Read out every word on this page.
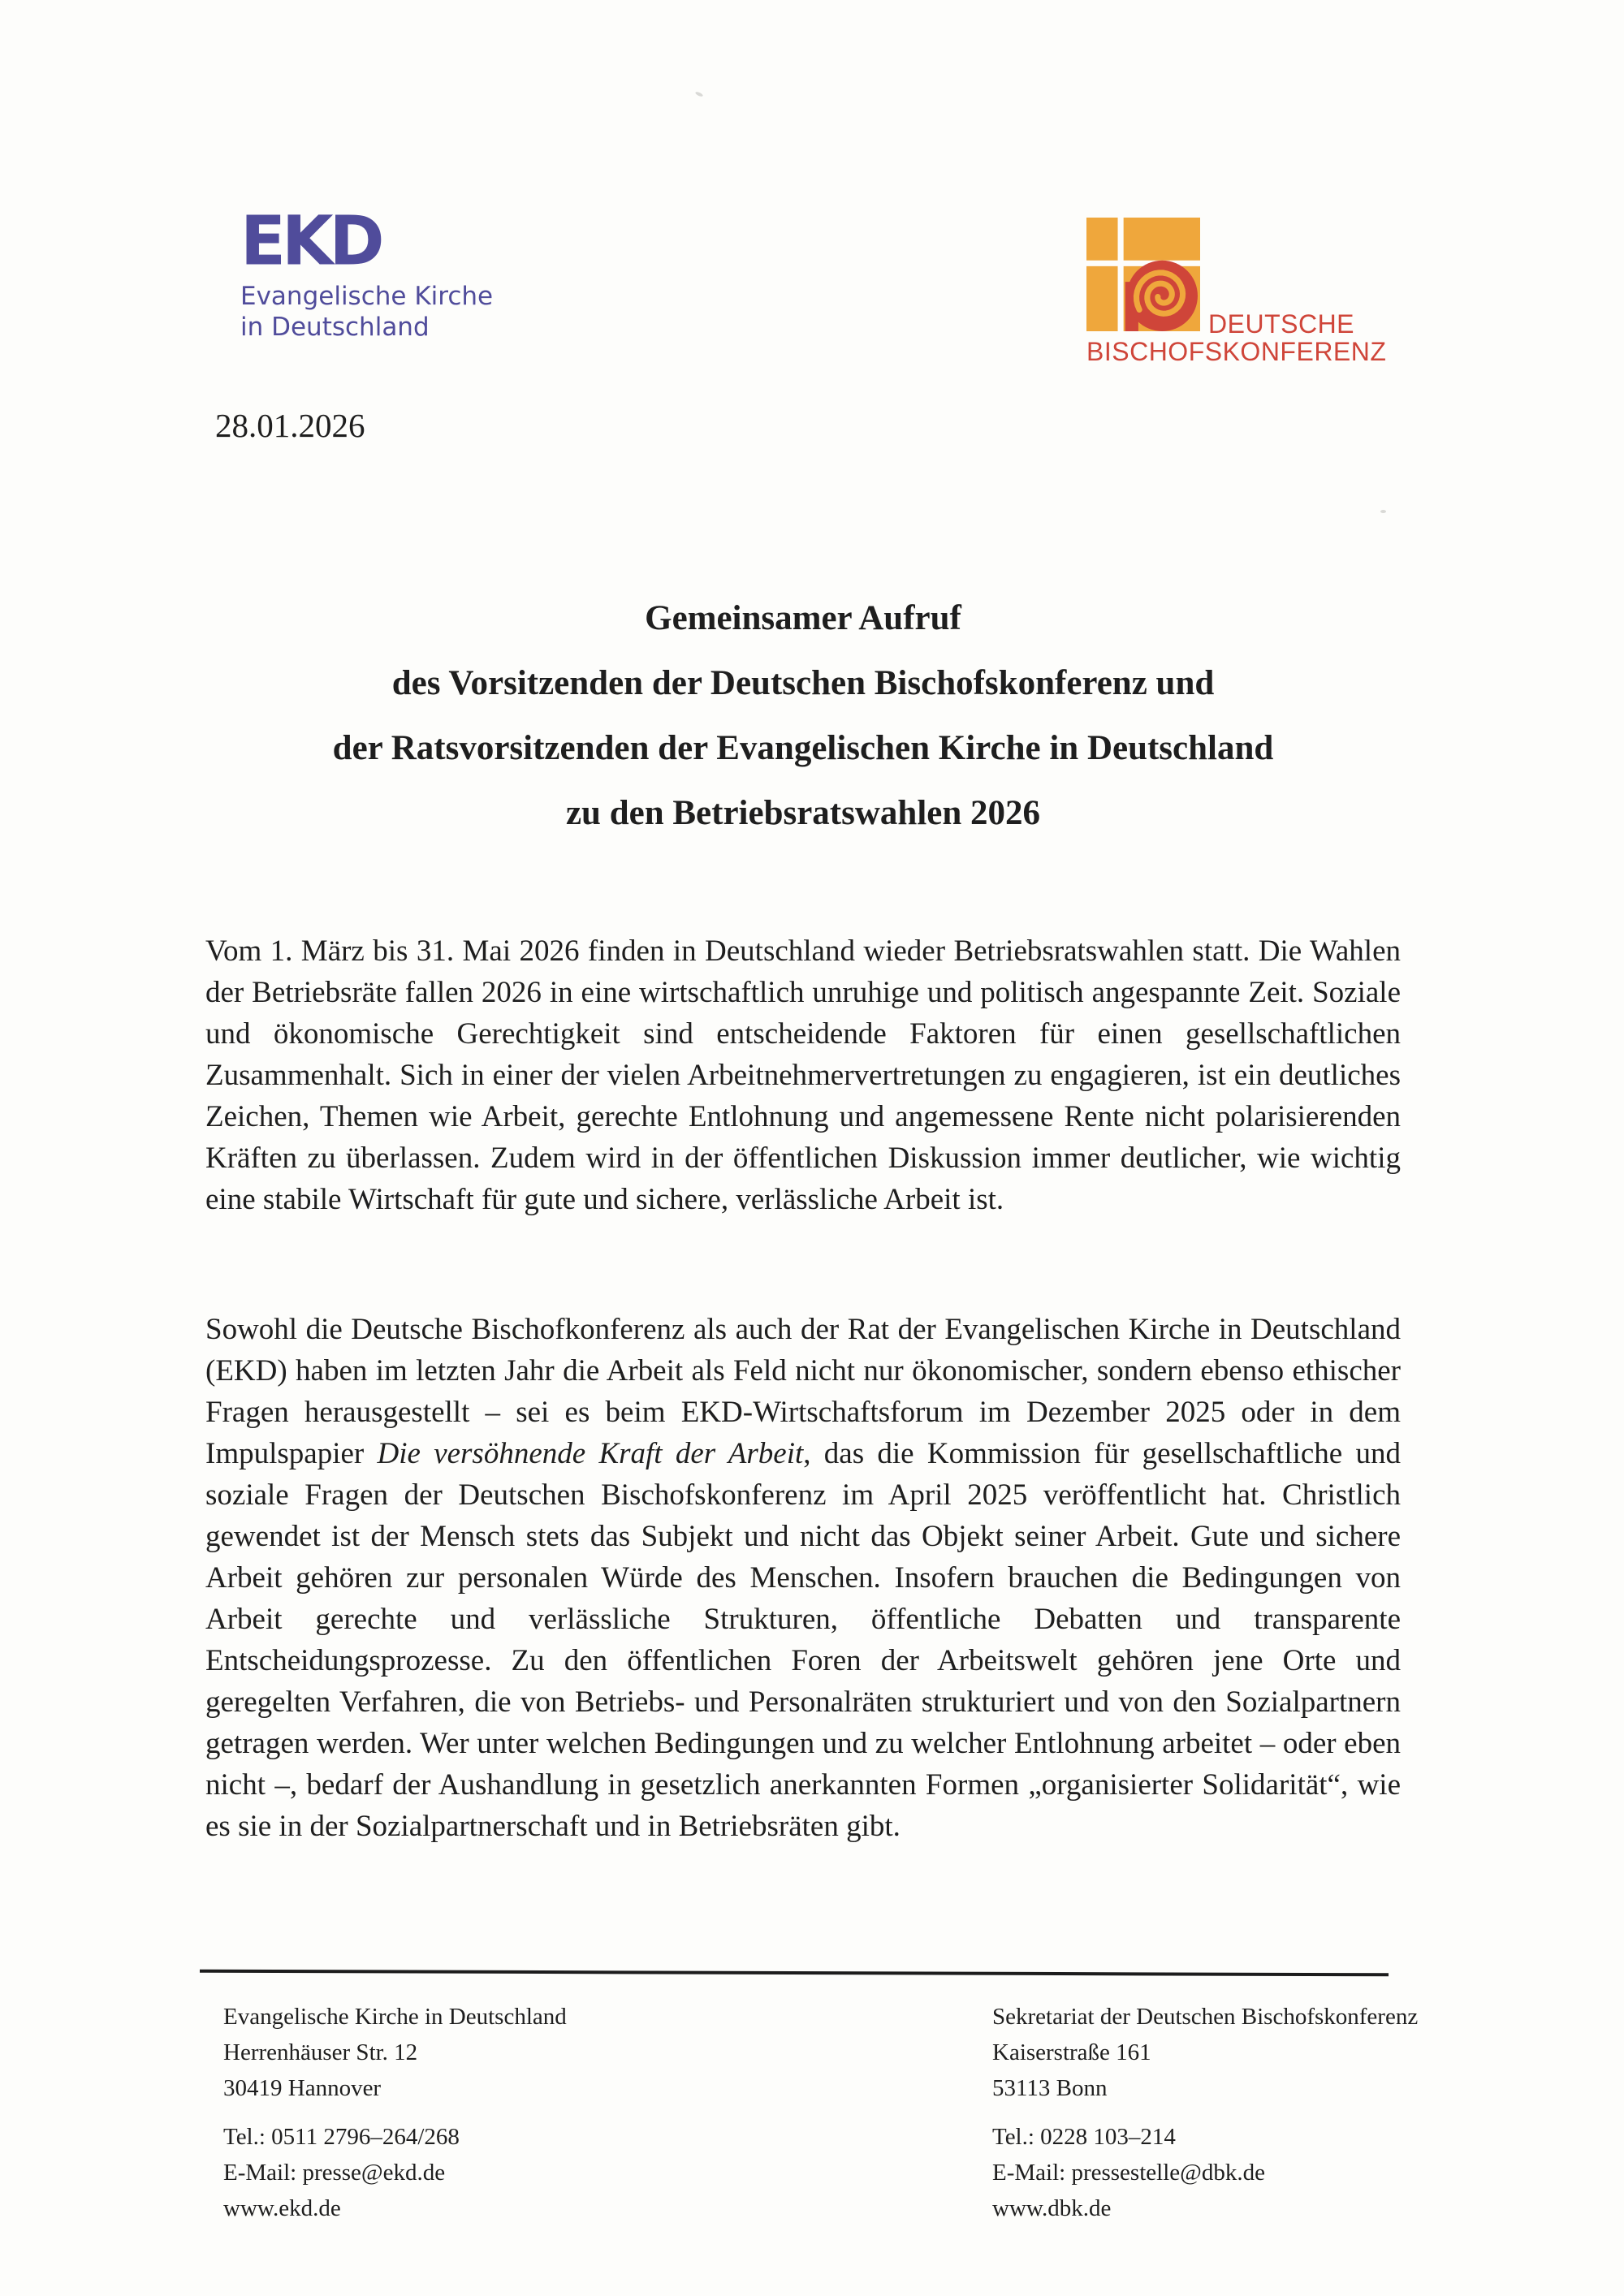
EKD
Evangelische Kirche
in Deutschland	DEUTSCHE
BISCHOFSKONFERENZ
28.01.2026
Gemeinsamer Aufruf
des Vorsitzenden der Deutschen Bischofskonferenz und
der Ratsvorsitzenden der Evangelischen Kirche in Deutschland
zu den Betriebsratswahlen 2026

Vom 1. März bis 31. Mai 2026 finden in Deutschland wieder Betriebsratswahlen statt. Die Wahlen der Betriebsräte fallen 2026 in eine wirtschaftlich unruhige und politisch angespannte Zeit. Soziale und ökonomische Gerechtigkeit sind entscheidende Faktoren für einen gesellschaftlichen Zusammenhalt. Sich in einer der vielen Arbeitnehmervertretungen zu engagieren, ist ein deutliches Zeichen, Themen wie Arbeit, gerechte Entlohnung und angemessene Rente nicht polarisierenden Kräften zu überlassen. Zudem wird in der öffentlichen Diskussion immer deutlicher, wie wichtig eine stabile Wirtschaft für gute und sichere, verlässliche Arbeit ist.

Sowohl die Deutsche Bischofkonferenz als auch der Rat der Evangelischen Kirche in Deutschland (EKD) haben im letzten Jahr die Arbeit als Feld nicht nur ökonomischer, sondern ebenso ethischer Fragen herausgestellt – sei es beim EKD-Wirtschaftsforum im Dezember 2025 oder in dem Impulspapier Die versöhnende Kraft der Arbeit, das die Kommission für gesellschaftliche und soziale Fragen der Deutschen Bischofskonferenz im April 2025 veröffentlicht hat. Christlich gewendet ist der Mensch stets das Subjekt und nicht das Objekt seiner Arbeit. Gute und sichere Arbeit gehören zur personalen Würde des Menschen. Insofern brauchen die Bedingungen von Arbeit gerechte und verlässliche Strukturen, öffentliche Debatten und transparente Entscheidungsprozesse. Zu den öffentlichen Foren der Arbeitswelt gehören jene Orte und geregelten Verfahren, die von Betriebs- und Personalräten strukturiert und von den Sozialpartnern getragen werden. Wer unter welchen Bedingungen und zu welcher Entlohnung arbeitet – oder eben nicht –, bedarf der Aushandlung in gesetzlich anerkannten Formen „organisierter Solidarität“, wie es sie in der Sozialpartnerschaft und in Betriebsräten gibt.

Evangelische Kirche in Deutschland
Herrenhäuser Str. 12
30419 Hannover
Tel.: 0511 2796–264/268
E-Mail: presse@ekd.de
www.ekd.de
Sekretariat der Deutschen Bischofskonferenz
Kaiserstraße 161
53113 Bonn
Tel.: 0228 103–214
E-Mail: pressestelle@dbk.de
www.dbk.de
